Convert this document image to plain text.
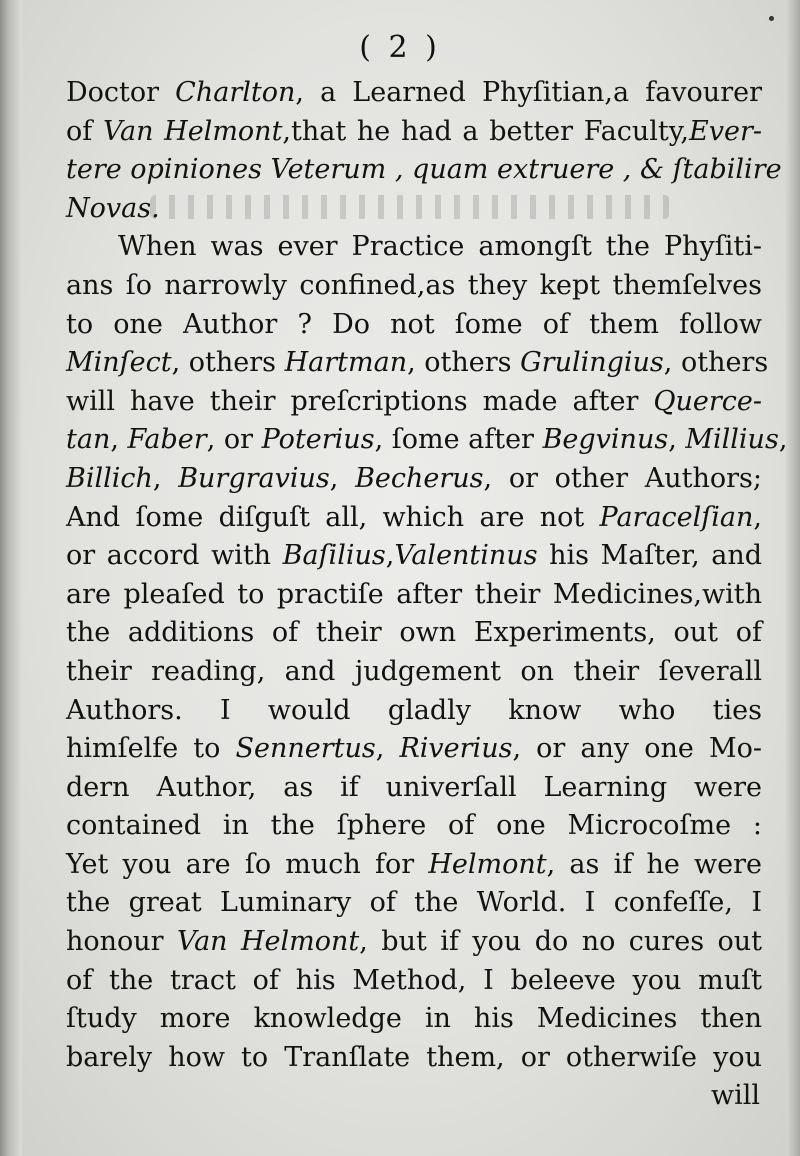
( 2 )
Doctor Charlton, a Learned Phyſitian,a favourer
of Van Helmont,that he had a better Faculty,Ever-
tere opiniones Veterum , quam extruere , & ſtabilire
Novas.
When was ever Practice amongſt the Phyſiti-
ans ſo narrowly confined,as they kept themſelves
to one Author ? Do not ſome of them follow
Minſect, others Hartman, others Grulingius, others
will have their preſcriptions made after Querce-
tan, Faber, or Poterius, ſome after Begvinus, Millius,
Billich, Burgravius, Becherus, or other Authors;
And ſome diſguſt all, which are not Paracelſian,
or accord with Baſilius,Valentinus his Maſter, and
are pleaſed to practiſe after their Medicines,with
the additions of their own Experiments, out of
their reading, and judgement on their ſeverall
Authors. I would gladly know who ties
himſelfe to Sennertus, Riverius, or any one Mo-
dern Author, as if univerſall Learning were
contained in the ſphere of one Microcoſme :
Yet you are ſo much for Helmont, as if he were
the great Luminary of the World. I confeſſe, I
honour Van Helmont, but if you do no cures out
of the tract of his Method, I beleeve you muſt
ſtudy more knowledge in his Medicines then
barely how to Tranſlate them, or otherwiſe you
will
